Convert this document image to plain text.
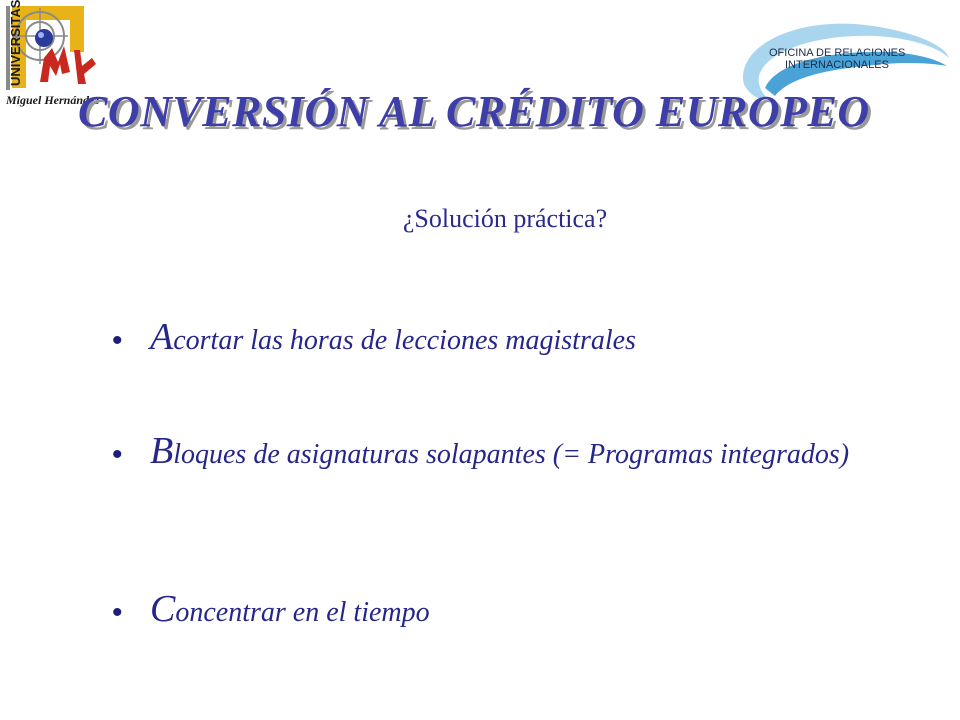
UNIVERSITAS
Miguel Hernández
OFICINA DE RELACIONES
INTERNACIONALES
CONVERSIÓN AL CRÉDITO EUROPEO
¿Solución práctica?
• Acortar las horas de lecciones magistrales
• Bloques de asignaturas solapantes (= Programas integrados)
• Concentrar en el tiempo
